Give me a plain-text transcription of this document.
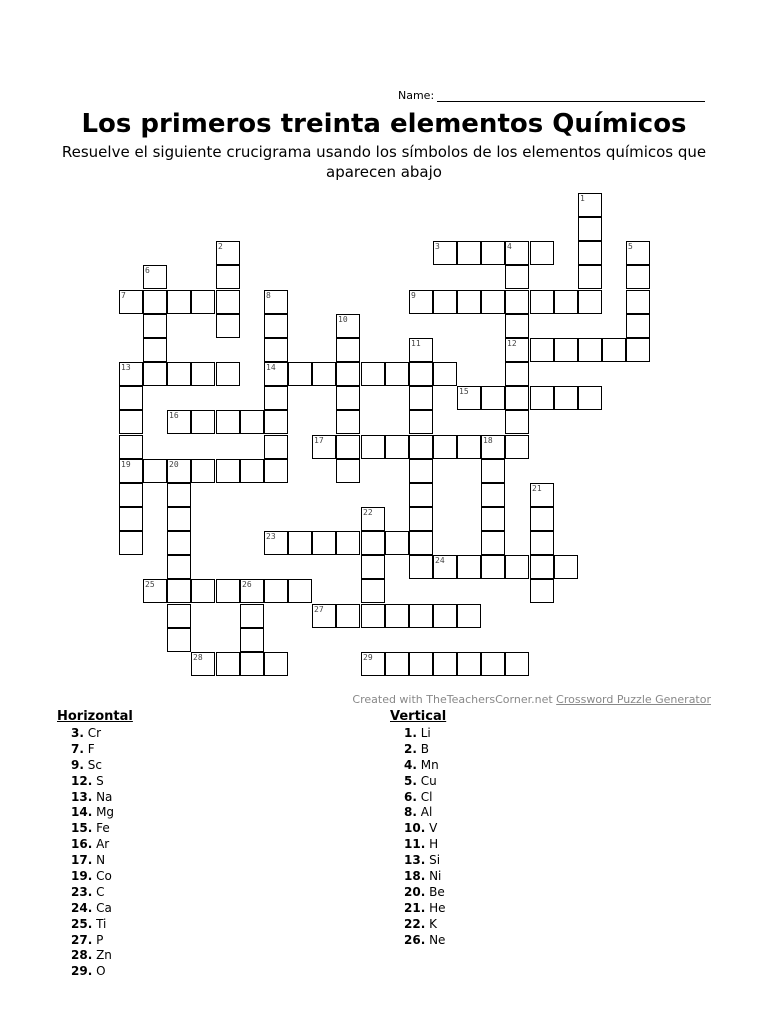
Name:
Los primeros treinta elementos Químicos

Resuelve el siguiente crucigrama usando los símbolos de los elementos químicos que aparecen abajo

1
2	3	4
12
5
6
7	8
14
9
10
11
13
19
15
16
17	18
20
21
22
23
24
25	26
27
28	29
Created with TheTeachersCorner.net Crossword Puzzle Generator
Horizontal
3. Cr
7. F
9. Sc
12. S
13. Na
14. Mg
15. Fe
16. Ar
17. N
19. Co
23. C
24. Ca
25. Ti
27. P
28. Zn
29. O
Vertical
1. Li
2. B
4. Mn
5. Cu
6. Cl
8. Al
10. V
11. H
13. Si
18. Ni
20. Be
21. He
22. K
26. Ne
